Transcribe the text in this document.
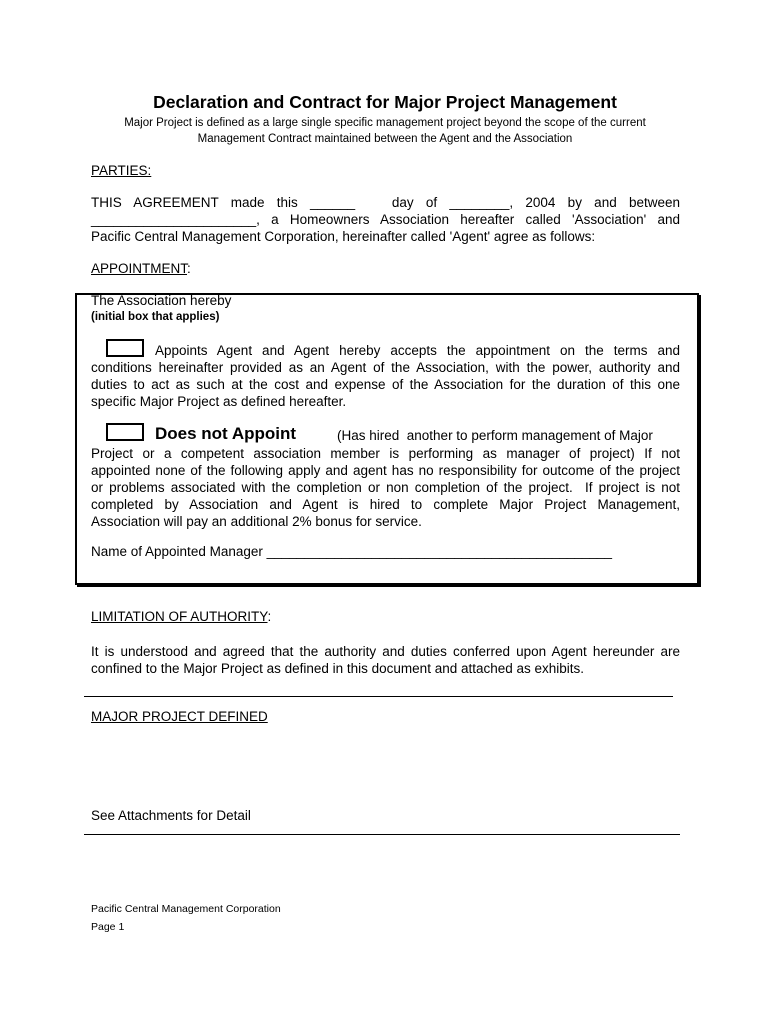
Declaration and Contract for Major Project Management
Major Project is defined as a large single specific management project beyond the scope of the current
Management Contract maintained between the Agent and the Association
PARTIES:
THIS  AGREEMENT  made  this  ______      day  of  ________,  2004  by  and  between
______________________,  a  Homeowners  Association  hereafter  called  'Association'  and
Pacific Central Management Corporation, hereinafter called 'Agent' agree as follows:
APPOINTMENT:
The Association hereby
(initial box that applies)
Appoints  Agent  and  Agent  hereby  accepts  the  appointment  on  the  terms  and
conditions hereinafter provided as an Agent of the Association, with the power, authority and
duties to act as such at the cost and expense of the Association for the duration of this one
specific Major Project as defined hereafter.
Does not Appoint	(Has hired  another to perform management of Major
Project  or  a  competent  association  member  is  performing  as  manager  of  project)  If  not
appointed none of the following apply and agent has no responsibility for outcome of the project
or problems associated with the completion or non completion of the project.  If project is not
completed  by  Association  and  Agent  is  hired  to  complete  Major  Project  Management,
Association will pay an additional 2% bonus for service.
Name of Appointed Manager ______________________________________________
LIMITATION OF AUTHORITY:
It is understood and agreed that the authority and duties conferred upon Agent hereunder are
confined to the Major Project as defined in this document and attached as exhibits.
MAJOR PROJECT DEFINED
See Attachments for Detail
Pacific Central Management Corporation
Page 1
